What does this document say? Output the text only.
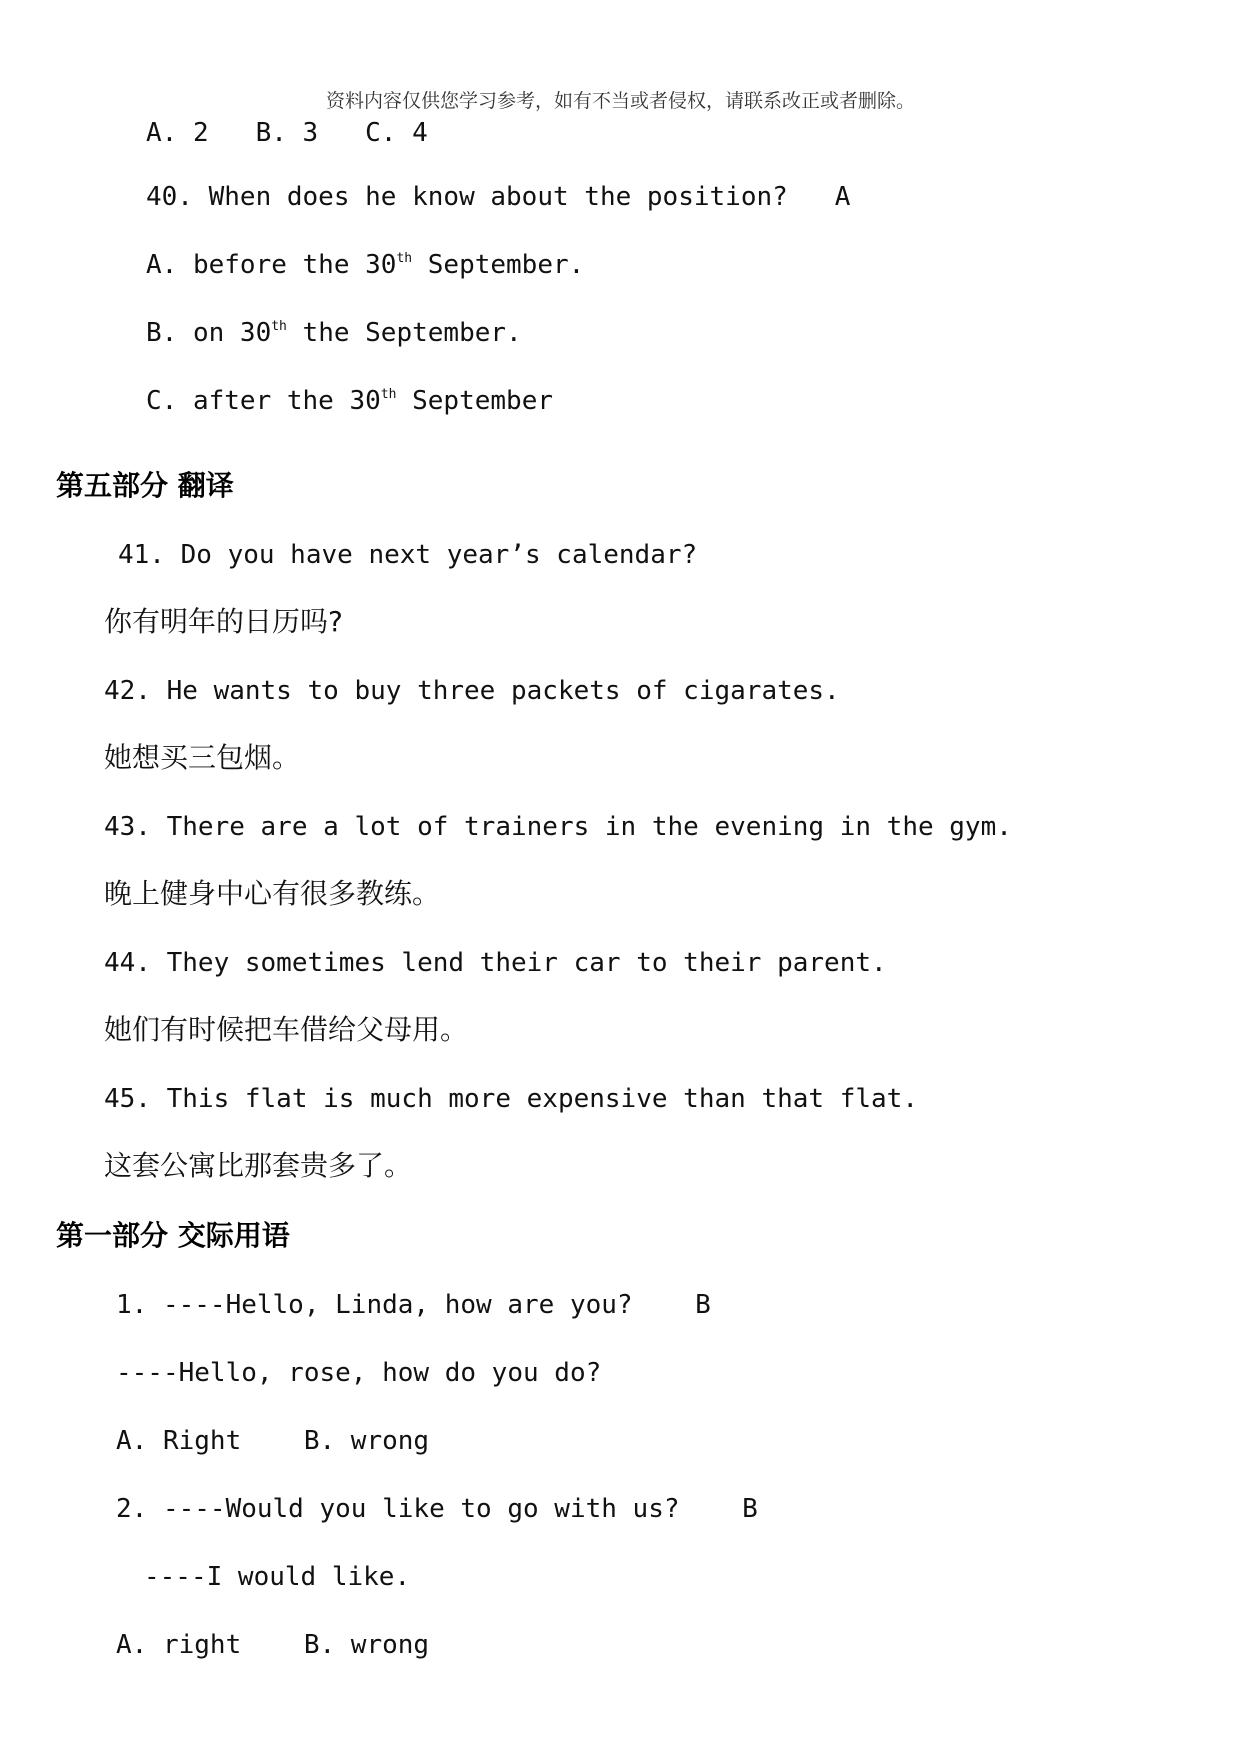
资料内容仅供您学习参考，如有不当或者侵权，请联系改正或者删除。
A. 2   B. 3   C. 4
40. When does he know about the position?   A
A. before the 30th September.
B. on 30th the September.
C. after the 30th September
第五部分 翻译
41. Do you have next year’s calendar?
你有明年的日历吗?
42. He wants to buy three packets of cigarates.
她想买三包烟。
43. There are a lot of trainers in the evening in the gym.
晚上健身中心有很多教练。
44. They sometimes lend their car to their parent.
她们有时候把车借给父母用。
45. This flat is much more expensive than that flat.
这套公寓比那套贵多了。
第一部分 交际用语
1. ----Hello, Linda, how are you?    B
----Hello, rose, how do you do?
A. Right    B. wrong
2. ----Would you like to go with us?    B
----I would like.
A. right    B. wrong
